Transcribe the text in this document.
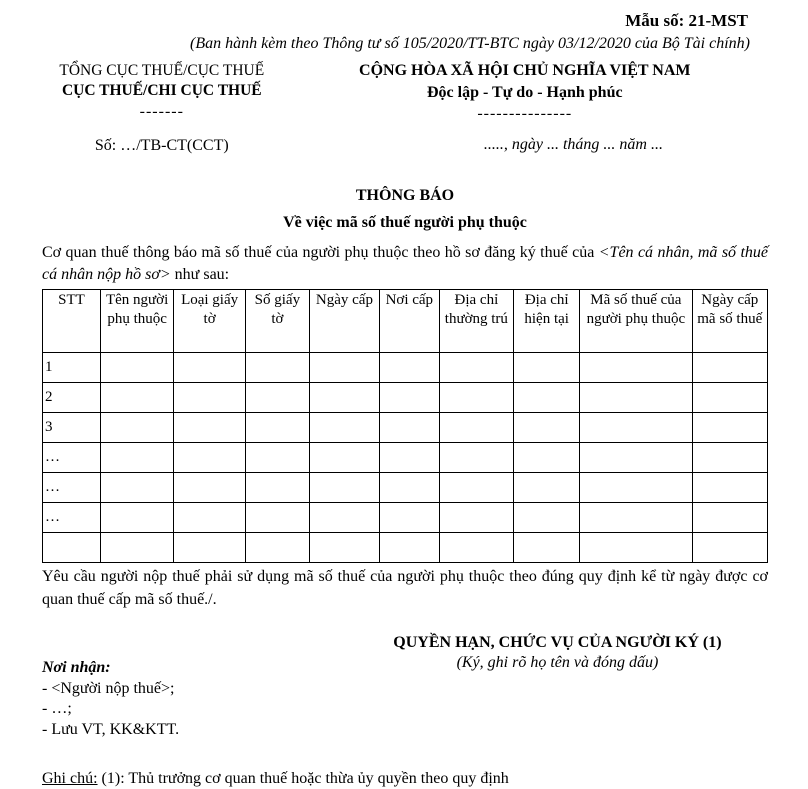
Mẫu số: 21-MST
(Ban hành kèm theo Thông tư số 105/2020/TT-BTC ngày 03/12/2020 của Bộ Tài chính)
TỔNG CỤC THUẾ/CỤC THUẾ
CỤC THUẾ/CHI CỤC THUẾ
-------
Số: …/TB-CT(CCT)
CỘNG HÒA XÃ HỘI CHỦ NGHĨA VIỆT NAM
Độc lập - Tự do - Hạnh phúc
---------------
....., ngày ... tháng ... năm ...
THÔNG BÁO
Về việc mã số thuế người phụ thuộc

Cơ quan thuế thông báo mã số thuế của người phụ thuộc theo hồ sơ đăng ký thuế của <Tên cá nhân, mã số thuế cá nhân nộp hồ sơ> như sau:

STT	Tên người phụ thuộc	Loại giấy tờ	Số giấy tờ	Ngày cấp	Nơi cấp	Địa chỉ thường trú	Địa chỉ hiện tại	Mã số thuế của người phụ thuộc	Ngày cấp mã số thuế
1									
2									
3									
…									
…									
…									

Yêu cầu người nộp thuế phải sử dụng mã số thuế của người phụ thuộc theo đúng quy định kể từ ngày được cơ quan thuế cấp mã số thuế./.

Nơi nhận:
- <Người nộp thuế>;
- …;
- Lưu VT, KK&KTT.
QUYỀN HẠN, CHỨC VỤ CỦA NGƯỜI KÝ (1)
(Ký, ghi rõ họ tên và đóng dấu)
Ghi chú: (1): Thủ trưởng cơ quan thuế hoặc thừa ủy quyền theo quy định
